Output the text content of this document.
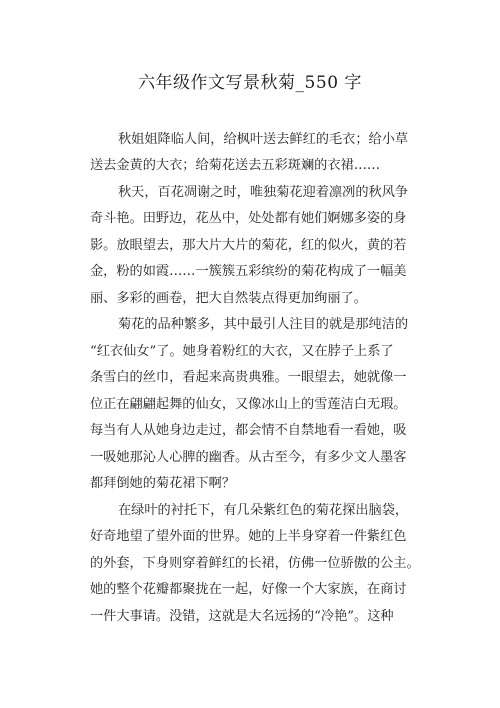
六年级作文写景秋菊_550 字
秋姐姐降临人间，给枫叶送去鲜红的毛衣；给小草
送去金黄的大衣；给菊花送去五彩斑斓的衣裙……
秋天，百花凋谢之时，唯独菊花迎着凛冽的秋风争
奇斗艳。田野边，花丛中，处处都有她们婀娜多姿的身
影。放眼望去，那大片大片的菊花，红的似火，黄的若
金，粉的如霞……一簇簇五彩缤纷的菊花构成了一幅美
丽、多彩的画卷，把大自然装点得更加绚丽了。
菊花的品种繁多，其中最引人注目的就是那纯洁的
“红衣仙女”了。她身着粉红的大衣，又在脖子上系了
条雪白的丝巾，看起来高贵典雅。一眼望去，她就像一
位正在翩翩起舞的仙女，又像冰山上的雪莲洁白无瑕。
每当有人从她身边走过，都会情不自禁地看一看她，吸
一吸她那沁人心脾的幽香。从古至今，有多少文人墨客
都拜倒她的菊花裙下啊？
在绿叶的衬托下，有几朵紫红色的菊花探出脑袋，
好奇地望了望外面的世界。她的上半身穿着一件紫红色
的外套，下身则穿着鲜红的长裙，仿佛一位骄傲的公主。
她的整个花瓣都聚拢在一起，好像一个大家族，在商讨
一件大事请。没错，这就是大名远扬的“冷艳”。这种
